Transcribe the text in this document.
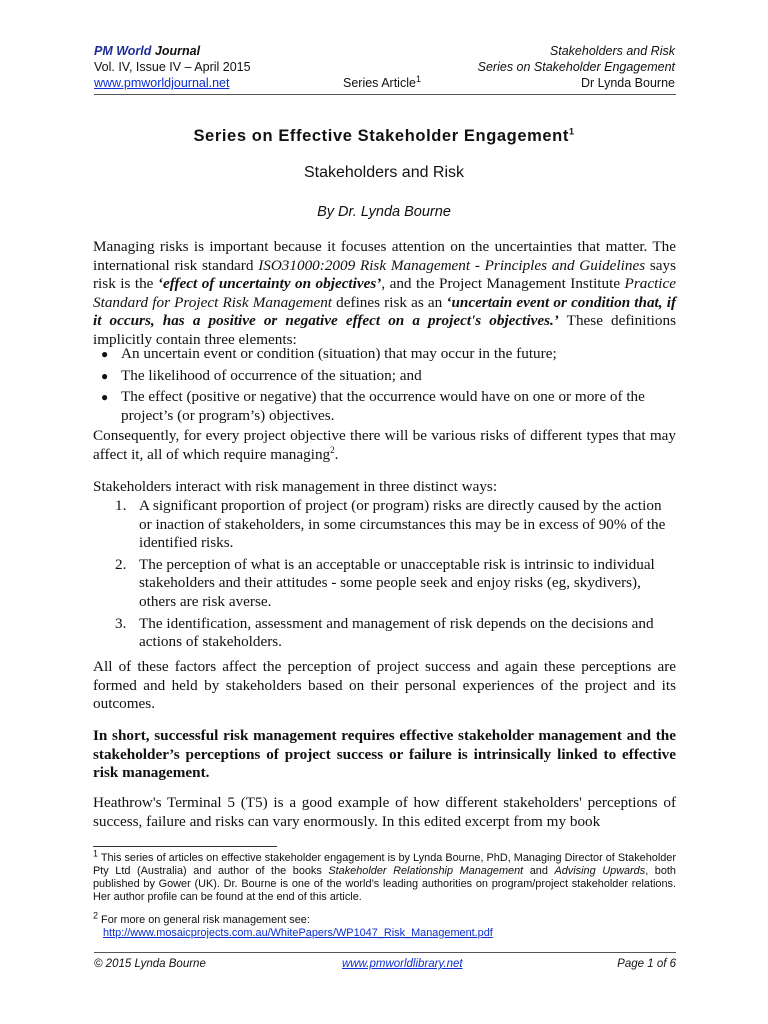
PM World Journal
Vol. IV, Issue IV – April 2015
www.pmworldjournal.net	Series Article$^1$
Stakeholders and Risk
Series on Stakeholder Engagement
Dr Lynda Bourne
Series on Effective Stakeholder Engagement$^1$
Stakeholders and Risk
By Dr. Lynda Bourne
Managing risks is important because it focuses attention on the uncertainties that matter. The international risk standard ISO31000:2009 Risk Management - Principles and Guidelines says risk is the ‘effect of uncertainty on objectives’, and the Project Management Institute Practice Standard for Project Risk Management defines risk as an ‘uncertain event or condition that, if it occurs, has a positive or negative effect on a project's objectives.’ These definitions implicitly contain three elements:
● An uncertain event or condition (situation) that may occur in the future;
● The likelihood of occurrence of the situation; and
● The effect (positive or negative) that the occurrence would have on one or more of the project’s (or program’s) objectives.
Consequently, for every project objective there will be various risks of different types that may affect it, all of which require managing$^2$.
Stakeholders interact with risk management in three distinct ways:
1. A significant proportion of project (or program) risks are directly caused by the action or inaction of stakeholders, in some circumstances this may be in excess of 90% of the identified risks.
2. The perception of what is an acceptable or unacceptable risk is intrinsic to individual stakeholders and their attitudes - some people seek and enjoy risks (eg, skydivers), others are risk averse.
3. The identification, assessment and management of risk depends on the decisions and actions of stakeholders.
All of these factors affect the perception of project success and again these perceptions are formed and held by stakeholders based on their personal experiences of the project and its outcomes.
In short, successful risk management requires effective stakeholder management and the stakeholder’s perceptions of project success or failure is intrinsically linked to effective risk management.
Heathrow's Terminal 5 (T5) is a good example of how different stakeholders' perceptions of success, failure and risks can vary enormously. In this edited excerpt from my book
$^1$ This series of articles on effective stakeholder engagement is by Lynda Bourne, PhD, Managing Director of Stakeholder Pty Ltd (Australia) and author of the books Stakeholder Relationship Management and Advising Upwards, both published by Gower (UK). Dr. Bourne is one of the world’s leading authorities on program/project stakeholder relations. Her author profile can be found at the end of this article.
$^2$ For more on general risk management see:
http://www.mosaicprojects.com.au/WhitePapers/WP1047_Risk_Management.pdf
© 2015 Lynda Bourne	www.pmworldlibrary.net	Page 1 of 6
